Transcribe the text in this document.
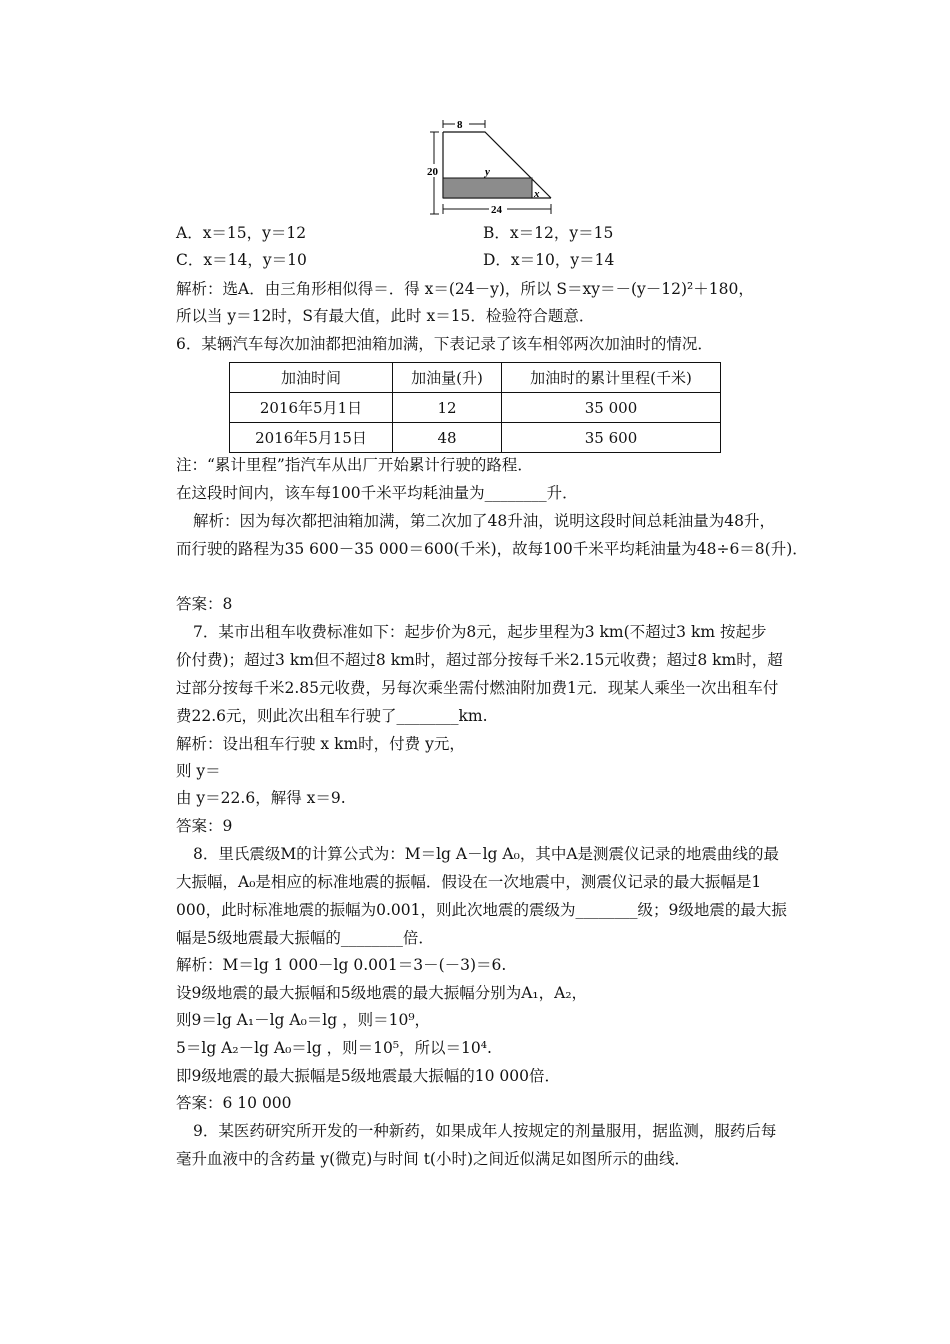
8
20	y
x
24
A．x＝15，y＝12	B．x＝12，y＝15
C．x＝14，y＝10	D．x＝10，y＝14
解析：选A．由三角形相似得＝．得 x＝(24－y)，所以 S＝xy＝－(y－12)²＋180，
所以当 y＝12时，S有最大值，此时 x＝15．检验符合题意．
6．某辆汽车每次加油都把油箱加满，下表记录了该车相邻两次加油时的情况．
加油时间	加油量(升)	加油时的累计里程(千米)
2016年5月1日	12	35 000
2016年5月15日	48	35 600
注：“累计里程”指汽车从出厂开始累计行驶的路程．
在这段时间内，该车每100千米平均耗油量为________升．
解析：因为每次都把油箱加满，第二次加了48升油，说明这段时间总耗油量为48升，
而行驶的路程为35 600－35 000＝600(千米)，故每100千米平均耗油量为48÷6＝8(升)．
答案：8
7．某市出租车收费标准如下：起步价为8元，起步里程为3 km(不超过3 km 按起步
价付费)；超过3 km但不超过8 km时，超过部分按每千米2.15元收费；超过8 km时，超
过部分按每千米2.85元收费，另每次乘坐需付燃油附加费1元．现某人乘坐一次出租车付
费22.6元，则此次出租车行驶了________km.
解析：设出租车行驶 x km时，付费 y元，
则 y＝
由 y＝22.6，解得 x＝9.
答案：9
8．里氏震级M的计算公式为：M＝lg A－lg A₀，其中A是测震仪记录的地震曲线的最
大振幅，A₀是相应的标准地震的振幅．假设在一次地震中，测震仪记录的最大振幅是1
000，此时标准地震的振幅为0.001，则此次地震的震级为________级；9级地震的最大振
幅是5级地震最大振幅的________倍．
解析：M＝lg 1 000－lg 0.001＝3－(－3)＝6.
设9级地震的最大振幅和5级地震的最大振幅分别为A₁，A₂，
则9＝lg A₁－lg A₀＝lg ，则＝10⁹，
5＝lg A₂－lg A₀＝lg ，则＝10⁵，所以＝10⁴.
即9级地震的最大振幅是5级地震最大振幅的10 000倍．
答案：6 10 000
9．某医药研究所开发的一种新药，如果成年人按规定的剂量服用，据监测，服药后每
毫升血液中的含药量 y(微克)与时间 t(小时)之间近似满足如图所示的曲线．
